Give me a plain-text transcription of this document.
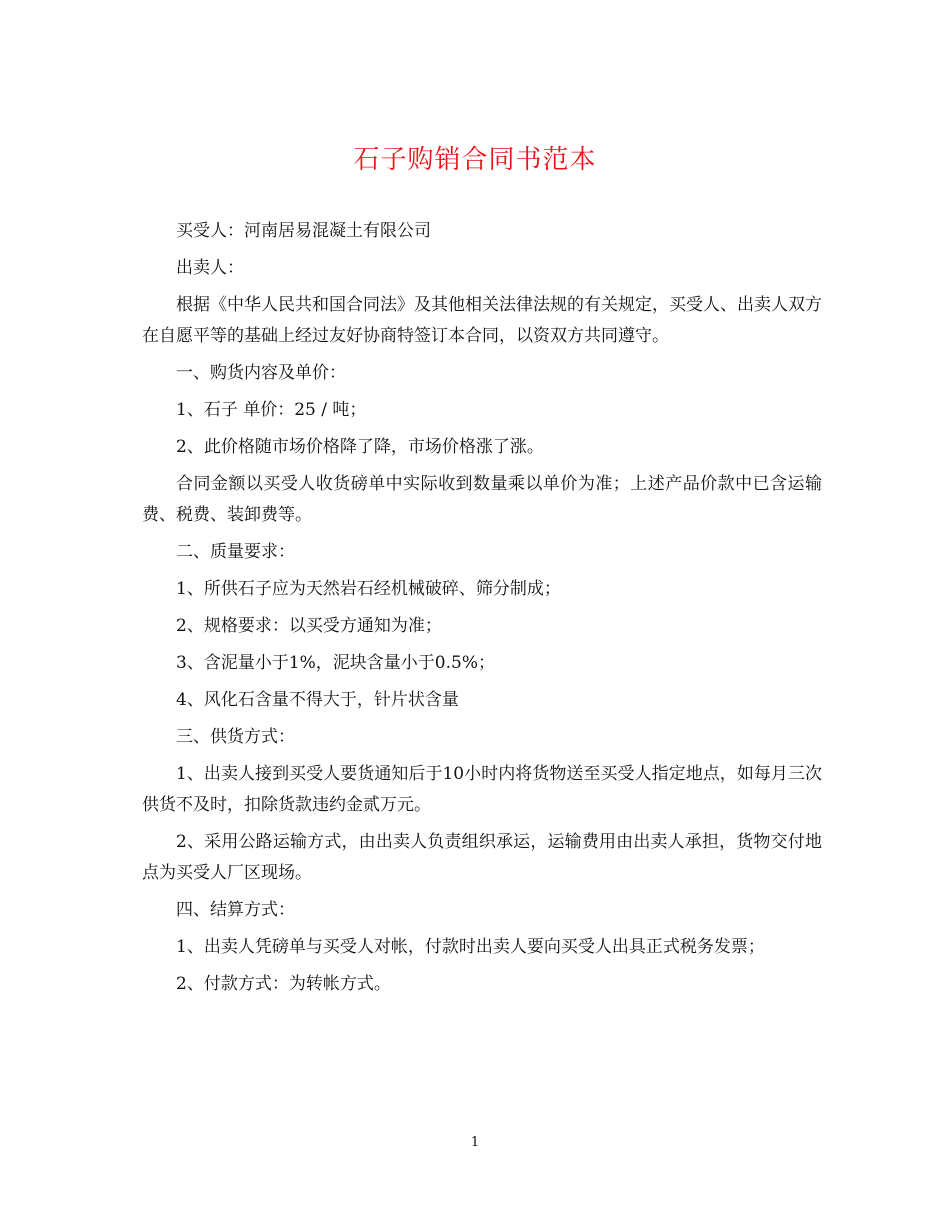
石子购销合同书范本

买受人：河南居易混凝土有限公司

出卖人：

根据《中华人民共和国合同法》及其他相关法律法规的有关规定，买受人、出卖人双方在自愿平等的基础上经过友好协商特签订本合同，以资双方共同遵守。

一、购货内容及单价：

1、石子 单价：25 / 吨；

2、此价格随市场价格降了降，市场价格涨了涨。

合同金额以买受人收货磅单中实际收到数量乘以单价为准；上述产品价款中已含运输费、税费、装卸费等。

二、质量要求：

1、所供石子应为天然岩石经机械破碎、筛分制成；

2、规格要求：以买受方通知为准；

3、含泥量小于1%，泥块含量小于0.5%；

4、风化石含量不得大于，针片状含量

三、供货方式：

1、出卖人接到买受人要货通知后于10小时内将货物送至买受人指定地点，如每月三次供货不及时，扣除货款违约金贰万元。

2、采用公路运输方式，由出卖人负责组织承运，运输费用由出卖人承担，货物交付地点为买受人厂区现场。

四、结算方式：

1、出卖人凭磅单与买受人对帐，付款时出卖人要向买受人出具正式税务发票；

2、付款方式：为转帐方式。

1
